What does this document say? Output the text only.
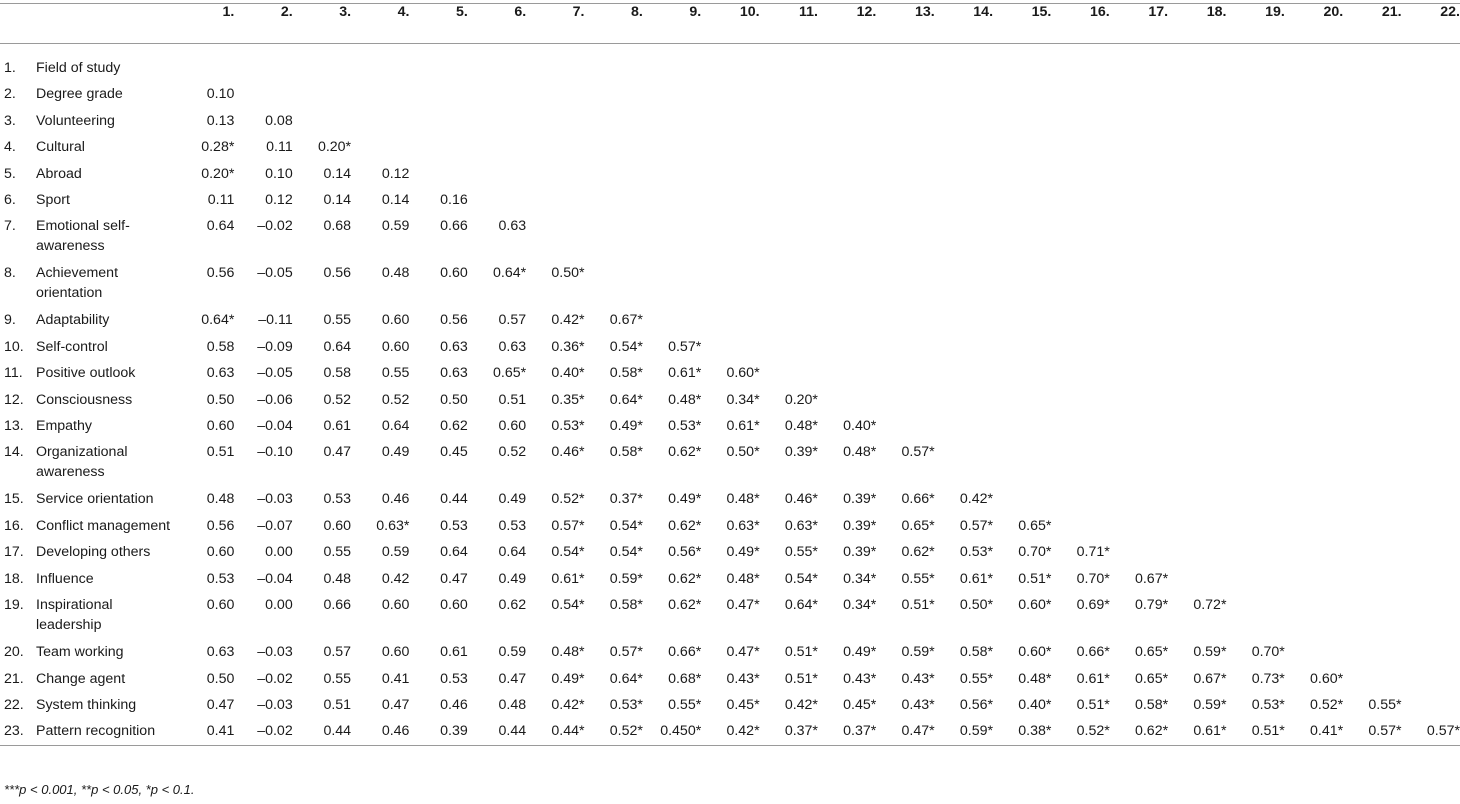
	1.	2.	3.	4.	5.	6.	7.	8.	9.	10.	11.	12.	13.	14.	15.	16.	17.	18.	19.	20.	21.	22.

1. Field of study																						
2. Degree grade	0.10																					
3. Volunteering	0.13	0.08																				
4. Cultural	0.28*	0.11	0.20*																			
5. Abroad	0.20*	0.10	0.14	0.12																		
6. Sport	0.11	0.12	0.14	0.14	0.16																	
7. Emotional self-awareness	0.64	–0.02	0.68	0.59	0.66	0.63																
8. Achievement orientation	0.56	–0.05	0.56	0.48	0.60	0.64*	0.50*															
9. Adaptability	0.64*	–0.11	0.55	0.60	0.56	0.57	0.42*	0.67*														
10. Self-control	0.58	–0.09	0.64	0.60	0.63	0.63	0.36*	0.54*	0.57*													
11. Positive outlook	0.63	–0.05	0.58	0.55	0.63	0.65*	0.40*	0.58*	0.61*	0.60*												
12. Consciousness	0.50	–0.06	0.52	0.52	0.50	0.51	0.35*	0.64*	0.48*	0.34*	0.20*											
13. Empathy	0.60	–0.04	0.61	0.64	0.62	0.60	0.53*	0.49*	0.53*	0.61*	0.48*	0.40*										
14. Organizational awareness	0.51	–0.10	0.47	0.49	0.45	0.52	0.46*	0.58*	0.62*	0.50*	0.39*	0.48*	0.57*									
15. Service orientation	0.48	–0.03	0.53	0.46	0.44	0.49	0.52*	0.37*	0.49*	0.48*	0.46*	0.39*	0.66*	0.42*								
16. Conflict management	0.56	–0.07	0.60	0.63*	0.53	0.53	0.57*	0.54*	0.62*	0.63*	0.63*	0.39*	0.65*	0.57*	0.65*							
17. Developing others	0.60	0.00	0.55	0.59	0.64	0.64	0.54*	0.54*	0.56*	0.49*	0.55*	0.39*	0.62*	0.53*	0.70*	0.71*						
18. Influence	0.53	–0.04	0.48	0.42	0.47	0.49	0.61*	0.59*	0.62*	0.48*	0.54*	0.34*	0.55*	0.61*	0.51*	0.70*	0.67*					
19. Inspirational leadership	0.60	0.00	0.66	0.60	0.60	0.62	0.54*	0.58*	0.62*	0.47*	0.64*	0.34*	0.51*	0.50*	0.60*	0.69*	0.79*	0.72*				
20. Team working	0.63	–0.03	0.57	0.60	0.61	0.59	0.48*	0.57*	0.66*	0.47*	0.51*	0.49*	0.59*	0.58*	0.60*	0.66*	0.65*	0.59*	0.70*			
21. Change agent	0.50	–0.02	0.55	0.41	0.53	0.47	0.49*	0.64*	0.68*	0.43*	0.51*	0.43*	0.43*	0.55*	0.48*	0.61*	0.65*	0.67*	0.73*	0.60*		
22. System thinking	0.47	–0.03	0.51	0.47	0.46	0.48	0.42*	0.53*	0.55*	0.45*	0.42*	0.45*	0.43*	0.56*	0.40*	0.51*	0.58*	0.59*	0.53*	0.52*	0.55*	
23. Pattern recognition	0.41	–0.02	0.44	0.46	0.39	0.44	0.44*	0.52*	0.450*	0.42*	0.37*	0.37*	0.47*	0.59*	0.38*	0.52*	0.62*	0.61*	0.51*	0.41*	0.57*	0.57*
***p < 0.001, **p < 0.05, *p < 0.1.
